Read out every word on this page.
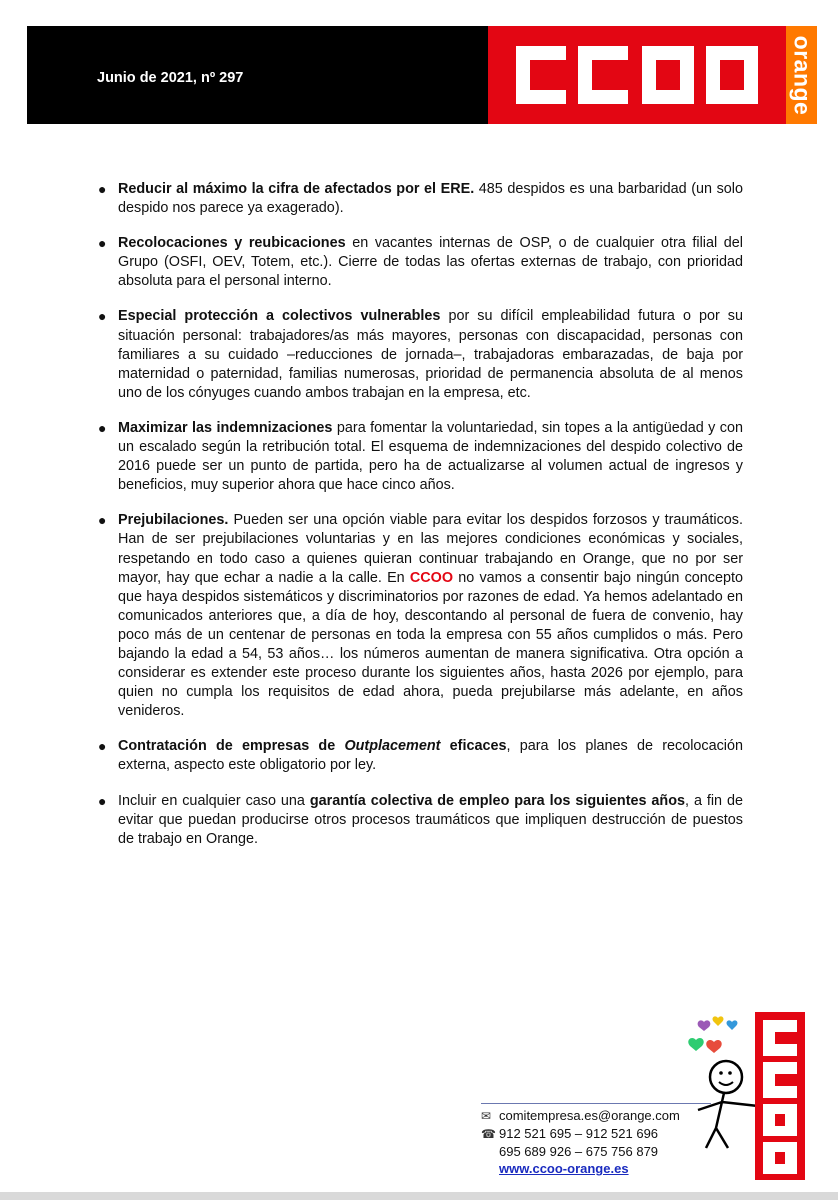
Junio de 2021, nº 297	orange
● Reducir al máximo la cifra de afectados por el ERE. 485 despidos es una barbaridad (un solo despido nos parece ya exagerado).
● Recolocaciones y reubicaciones en vacantes internas de OSP, o de cualquier otra filial del Grupo (OSFI, OEV, Totem, etc.). Cierre de todas las ofertas externas de trabajo, con prioridad absoluta para el personal interno.
● Especial protección a colectivos vulnerables por su difícil empleabilidad futura o por su situación personal: trabajadores/as más mayores, personas con discapacidad, personas con familiares a su cuidado –reducciones de jornada–, trabajadoras embarazadas, de baja por maternidad o paternidad, familias numerosas, prioridad de permanencia absoluta de al menos uno de los cónyuges cuando ambos trabajan en la empresa, etc.
● Maximizar las indemnizaciones para fomentar la voluntariedad, sin topes a la antigüedad y con un escalado según la retribución total. El esquema de indemnizaciones del despido colectivo de 2016 puede ser un punto de partida, pero ha de actualizarse al volumen actual de ingresos y beneficios, muy superior ahora que hace cinco años.
● Prejubilaciones. Pueden ser una opción viable para evitar los despidos forzosos y traumáticos. Han de ser prejubilaciones voluntarias y en las mejores condiciones económicas y sociales, respetando en todo caso a quienes quieran continuar trabajando en Orange, que no por ser mayor, hay que echar a nadie a la calle. En CCOO no vamos a consentir bajo ningún concepto que haya despidos sistemáticos y discriminatorios por razones de edad. Ya hemos adelantado en comunicados anteriores que, a día de hoy, descontando al personal de fuera de convenio, hay poco más de un centenar de personas en toda la empresa con 55 años cumplidos o más. Pero bajando la edad a 54, 53 años… los números aumentan de manera significativa. Otra opción a considerar es extender este proceso durante los siguientes años, hasta 2026 por ejemplo, para quien no cumpla los requisitos de edad ahora, pueda prejubilarse más adelante, en años venideros.
● Contratación de empresas de Outplacement eficaces, para los planes de recolocación externa, aspecto este obligatorio por ley.
● Incluir en cualquier caso una garantía colectiva de empleo para los siguientes años, a fin de evitar que puedan producirse otros procesos traumáticos que impliquen destrucción de puestos de trabajo en Orange.
✉ comitempresa.es@orange.com
☎ 912 521 695 – 912 521 696
695 689 926 – 675 756 879
www.ccoo-orange.es
